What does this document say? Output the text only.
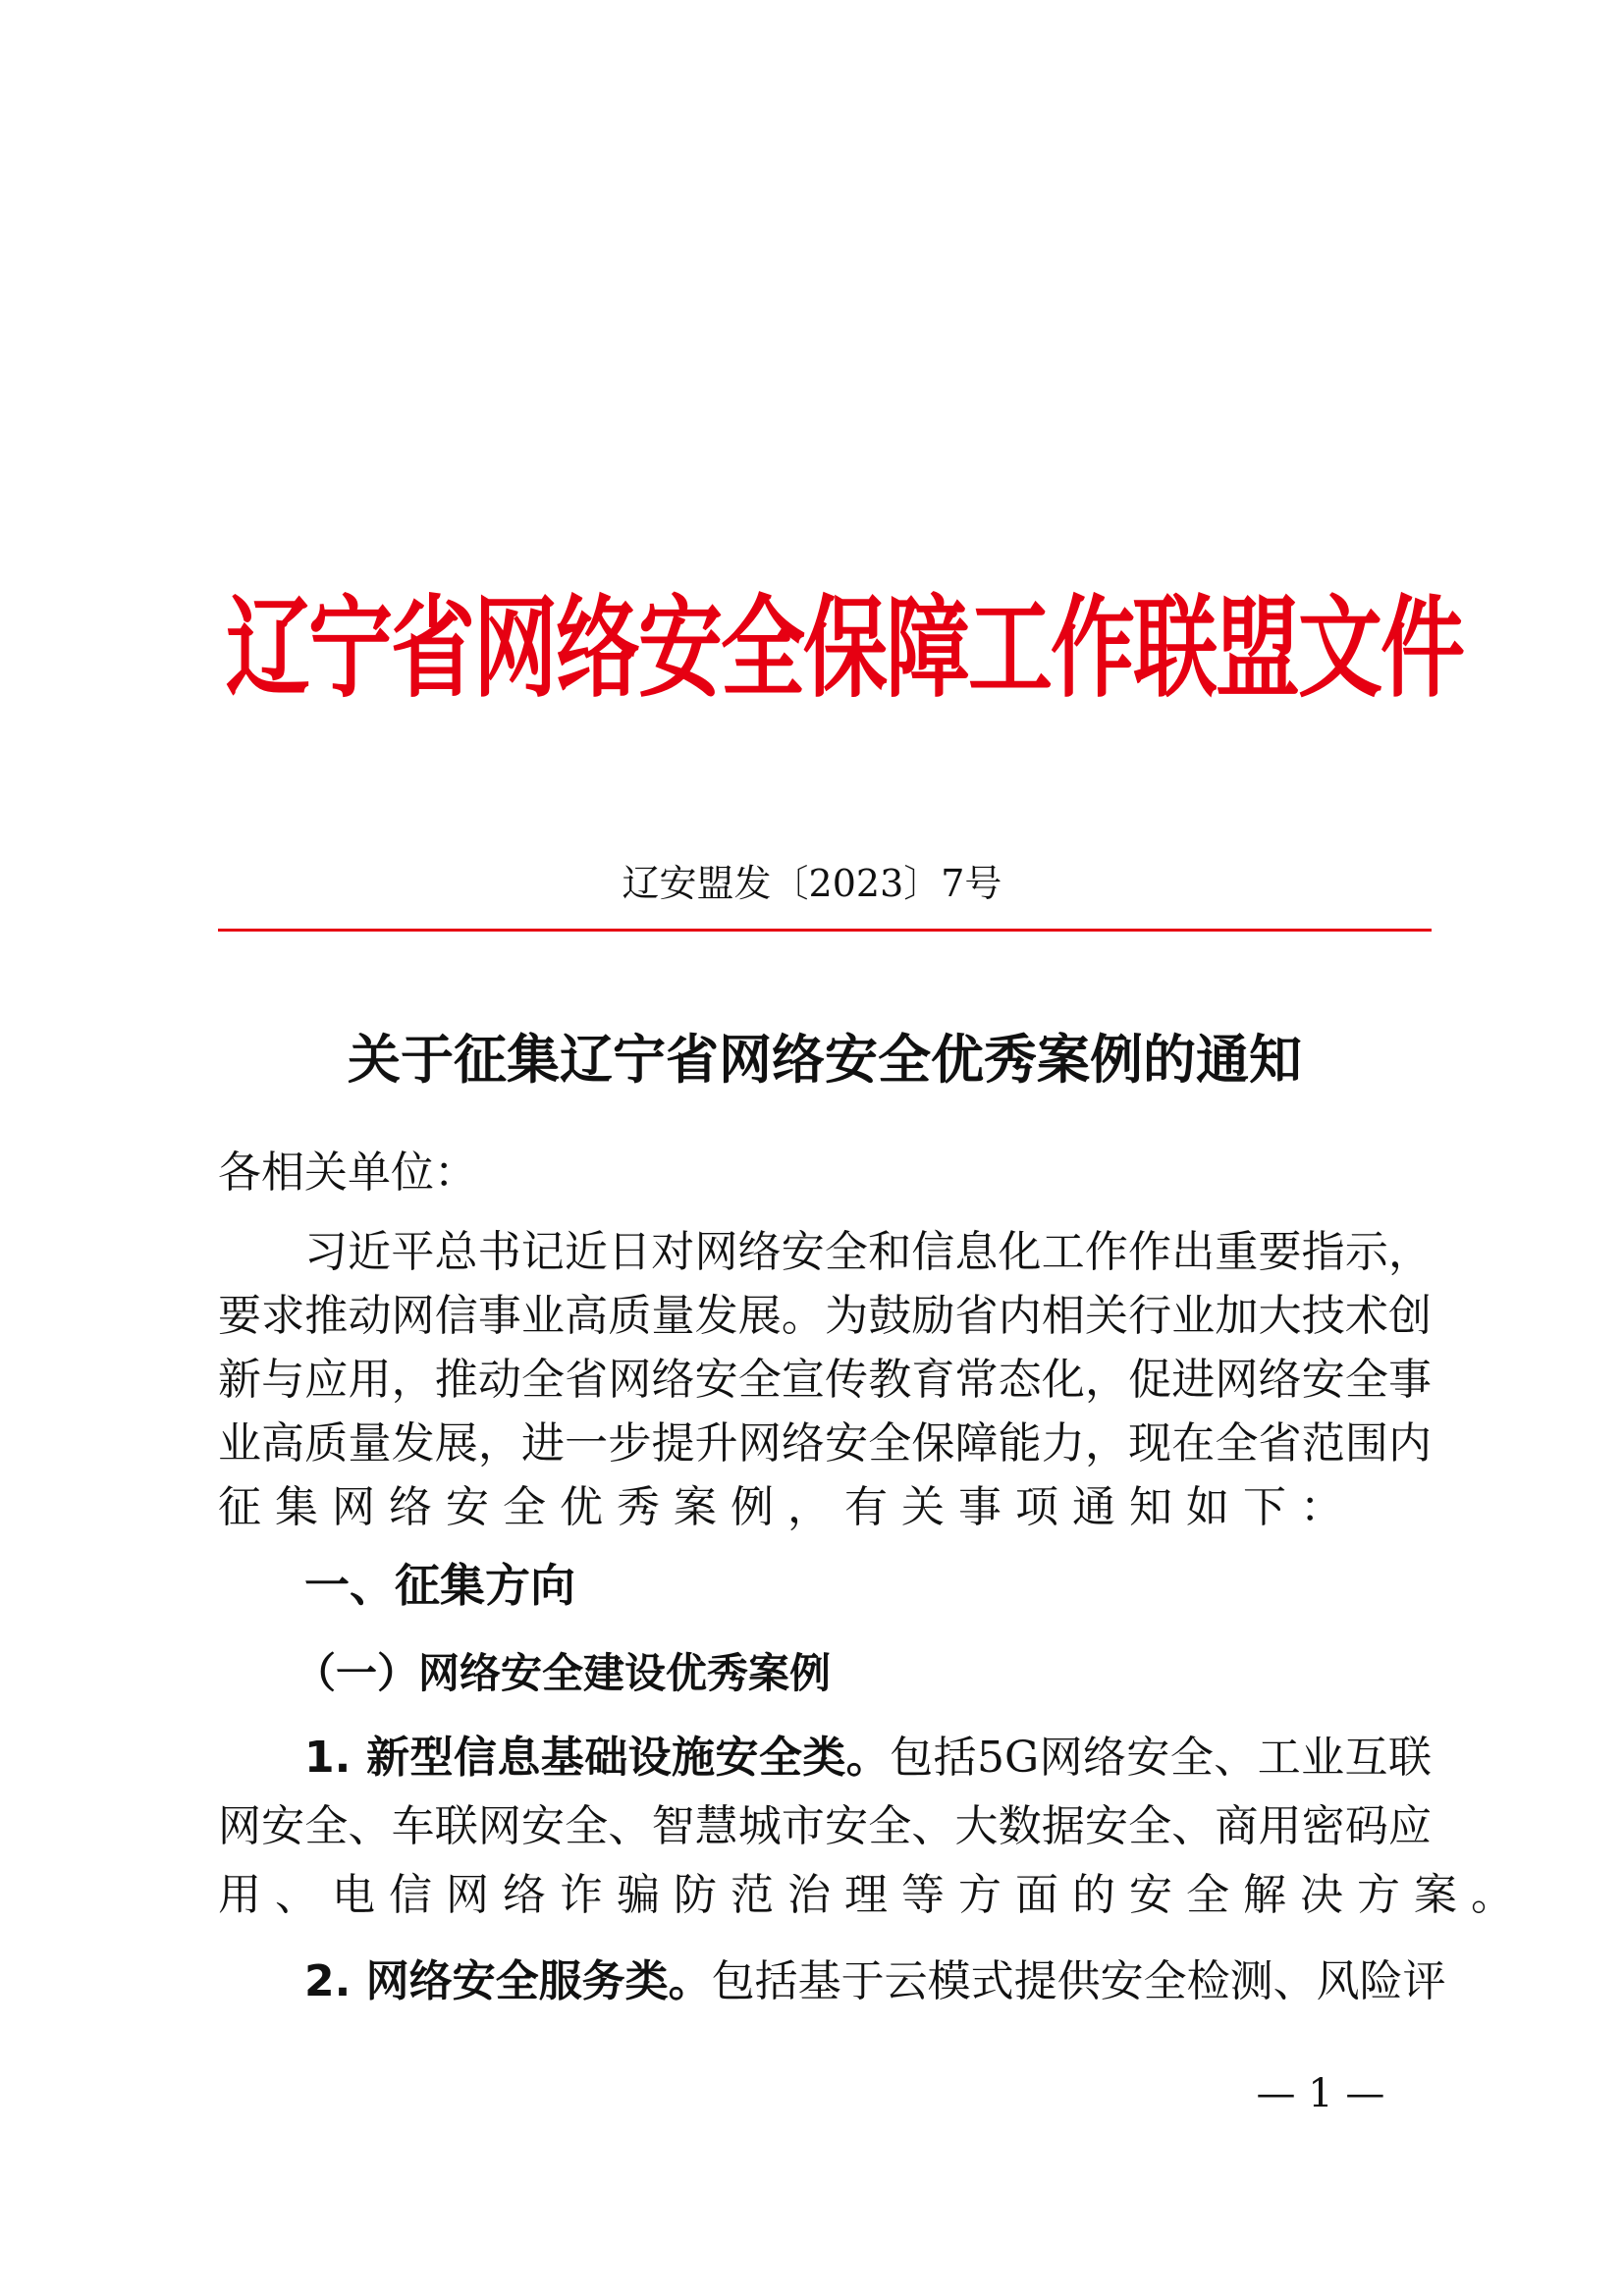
辽宁省网络安全保障工作联盟文件
辽安盟发〔2023〕7号
关于征集辽宁省网络安全优秀案例的通知
各相关单位：
习近平总书记近日对网络安全和信息化工作作出重要指示，
要求推动网信事业高质量发展。为鼓励省内相关行业加大技术创
新与应用，推动全省网络安全宣传教育常态化，促进网络安全事
业高质量发展，进一步提升网络安全保障能力，现在全省范围内
征集网络安全优秀案例，有关事项通知如下：
一、征集方向
（一）网络安全建设优秀案例
1. 新型信息基础设施安全类。包括5G网络安全、工业互联
网安全、车联网安全、智慧城市安全、大数据安全、商用密码应
用、电信网络诈骗防范治理等方面的安全解决方案。
2. 网络安全服务类。包括基于云模式提供安全检测、风险评
— 1 —
